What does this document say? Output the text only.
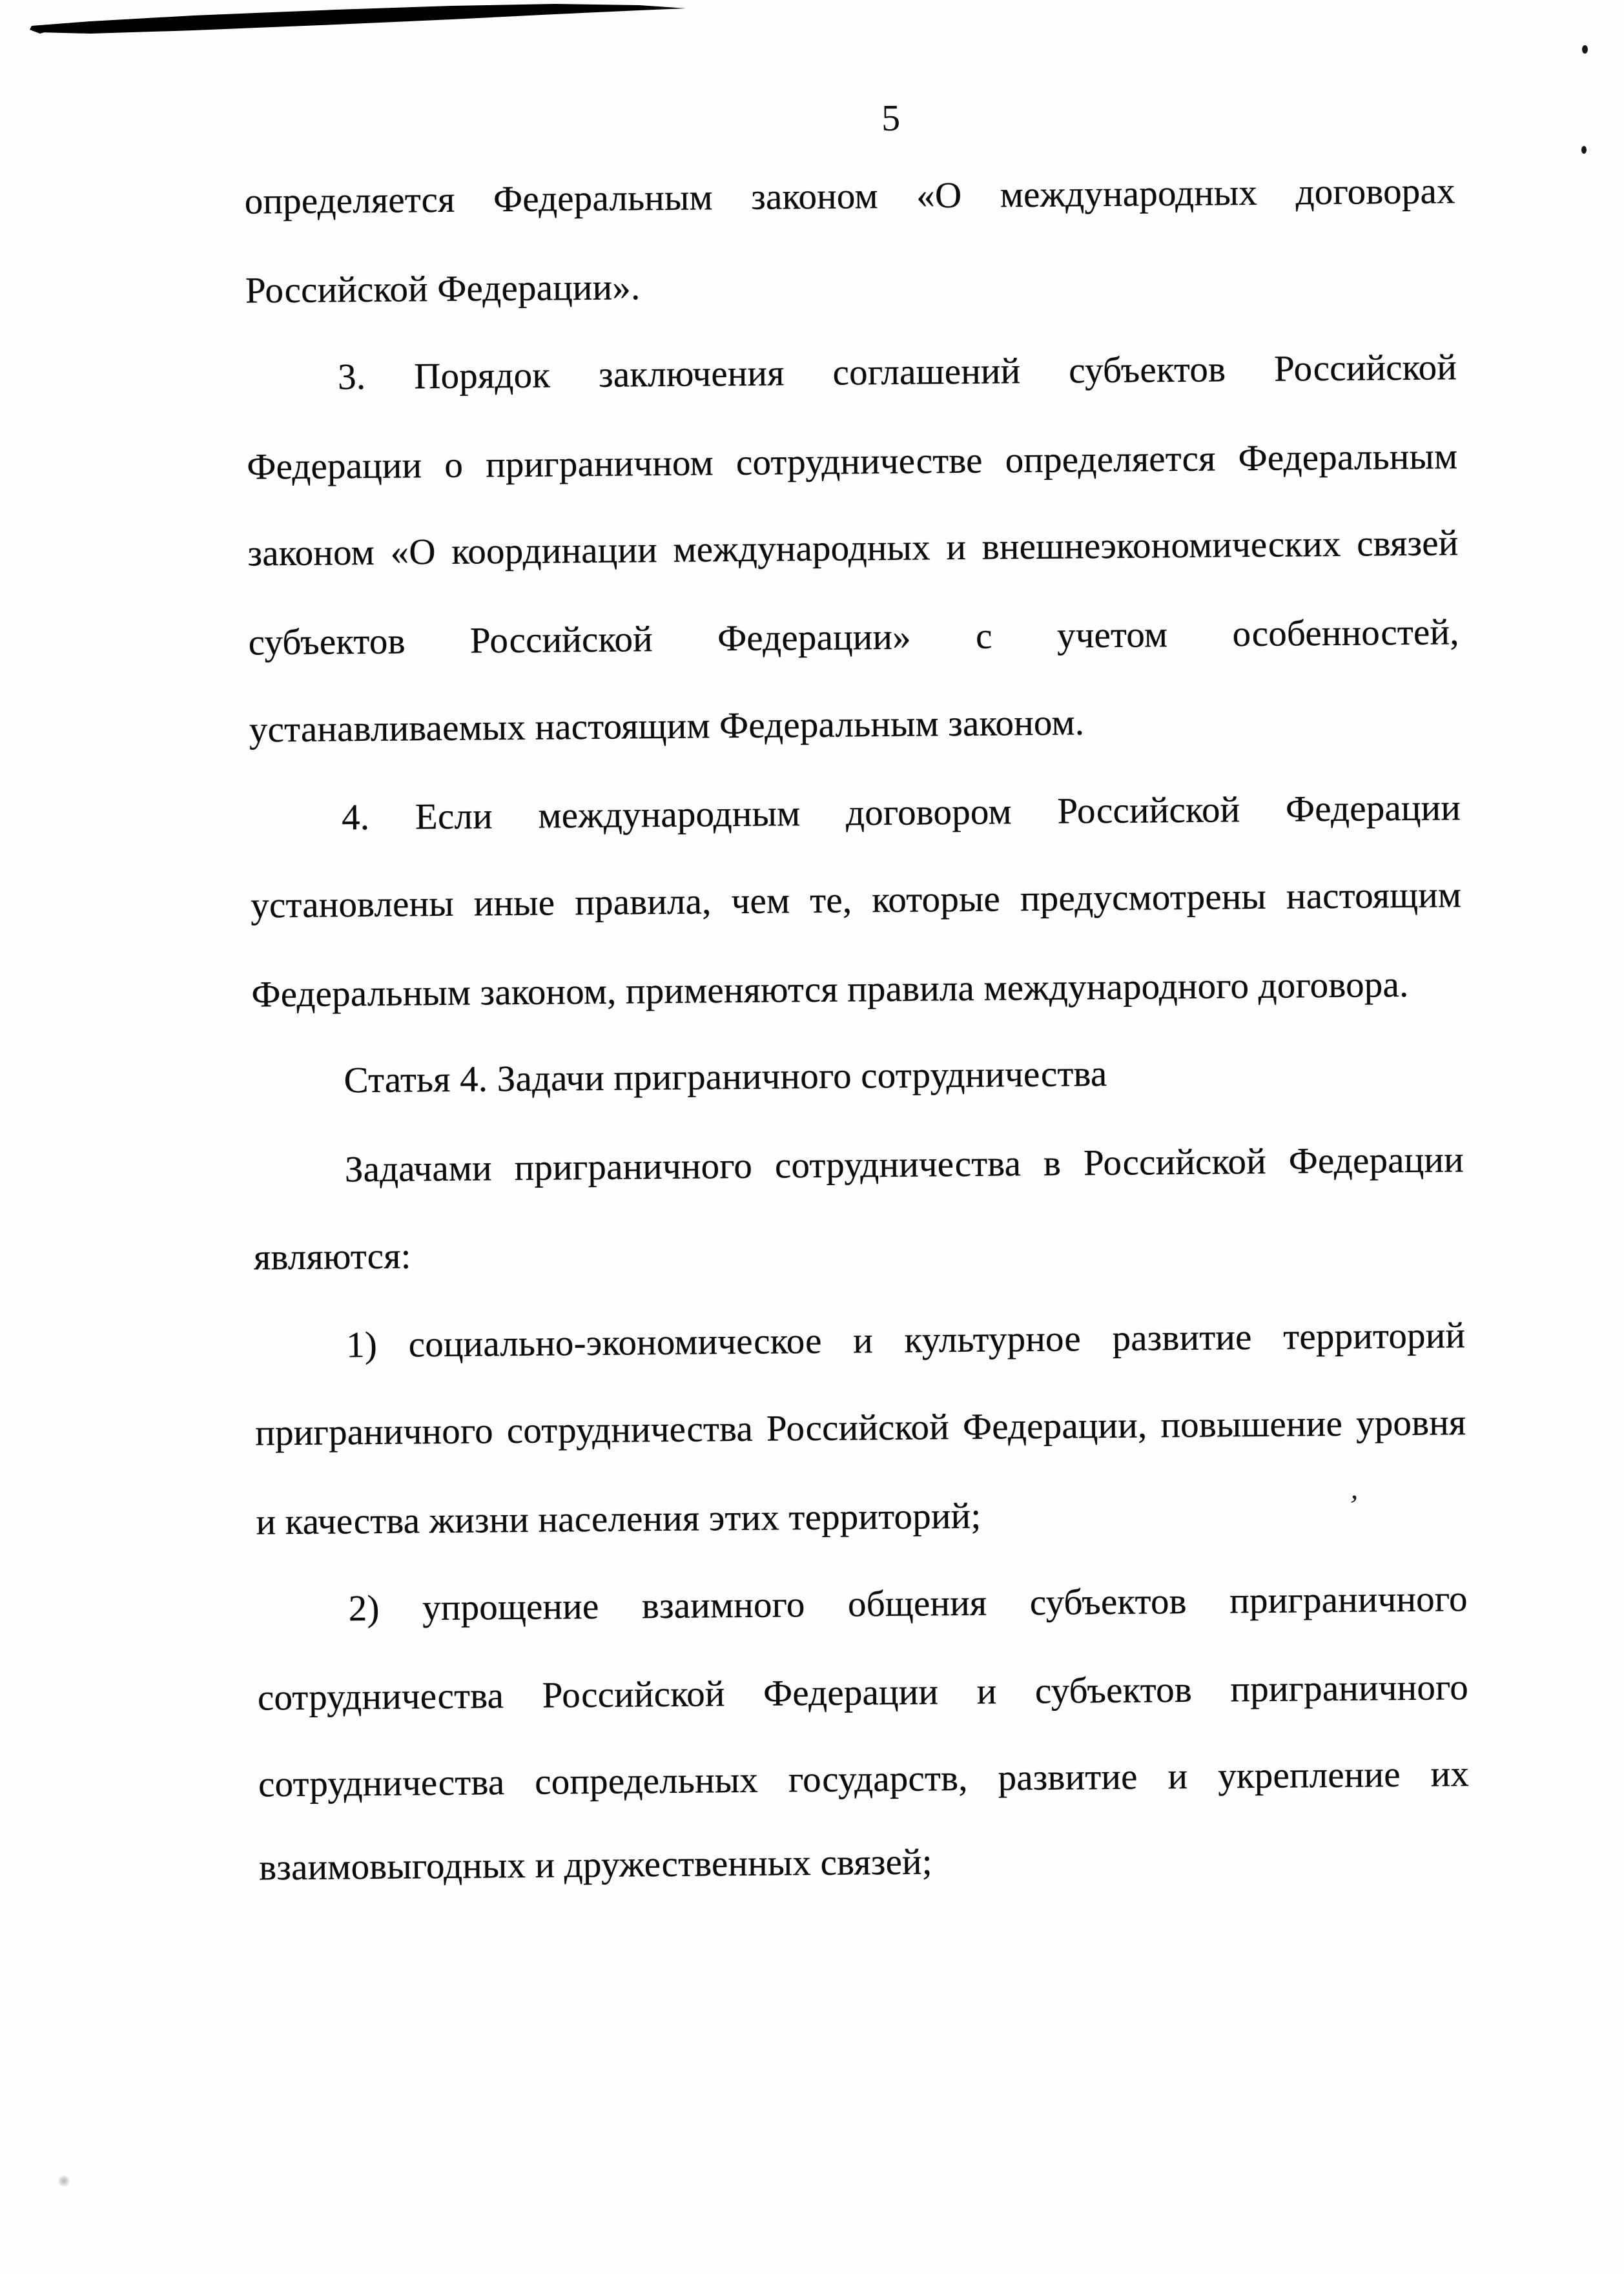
’
5

определяется Федеральным законом «О международных договорах

Российской Федерации».

3. Порядок заключения соглашений субъектов Российской

Федерации о приграничном сотрудничестве определяется Федеральным

законом «О координации международных и внешнеэкономических связей

субъектов Российской Федерации» с учетом особенностей,

устанавливаемых настоящим Федеральным законом.

4. Если международным договором Российской Федерации

установлены иные правила, чем те, которые предусмотрены настоящим

Федеральным законом, применяются правила международного договора.

Статья 4. Задачи приграничного сотрудничества

Задачами приграничного сотрудничества в Российской Федерации

являются:

1) социально-экономическое и культурное развитие территорий

приграничного сотрудничества Российской Федерации, повышение уровня

и качества жизни населения этих территорий;

2) упрощение взаимного общения субъектов приграничного

сотрудничества Российской Федерации и субъектов приграничного

сотрудничества сопредельных государств, развитие и укрепление их

взаимовыгодных и дружественных связей;
